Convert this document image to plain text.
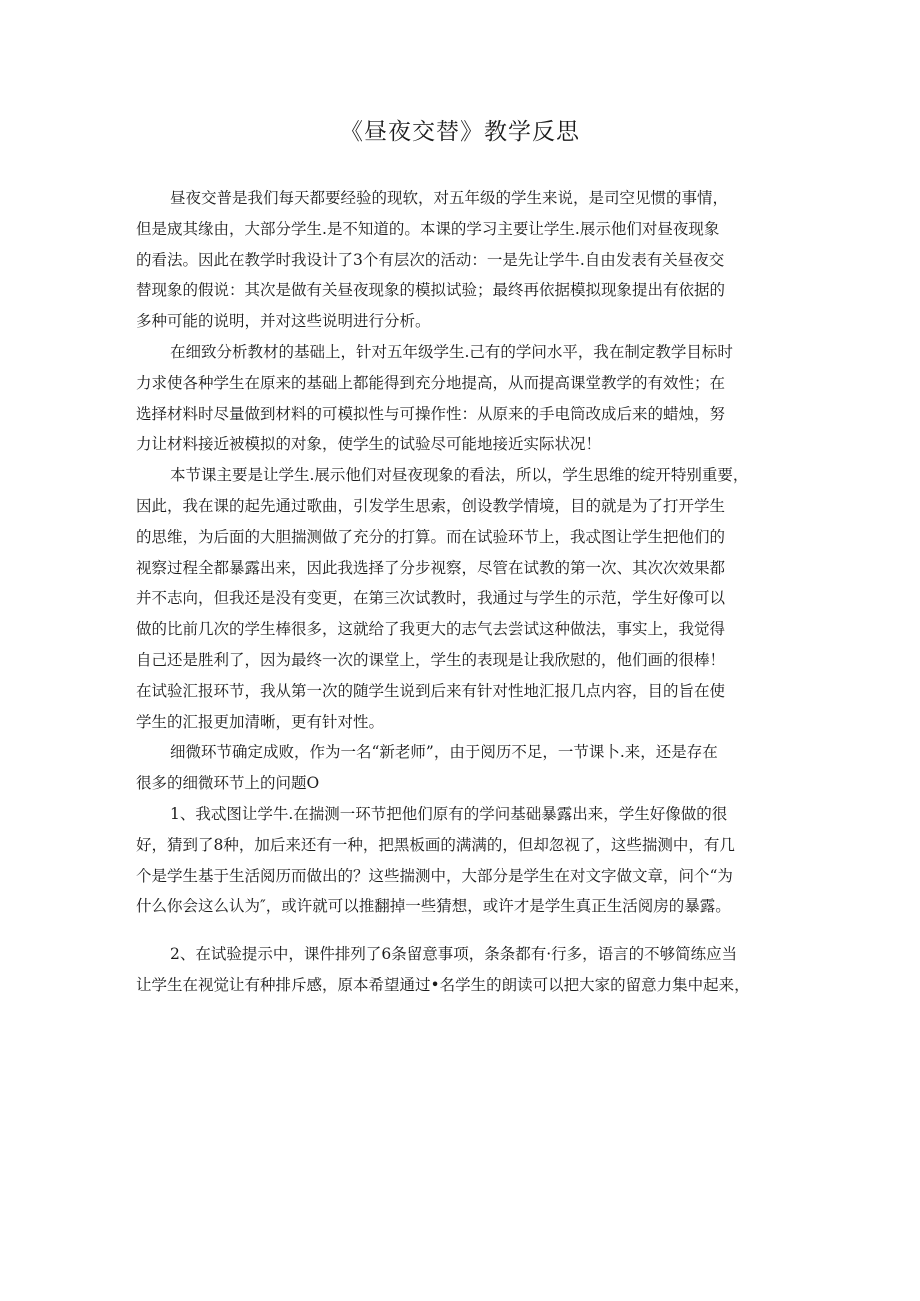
《昼夜交替》教学反思
昼夜交普是我们每天都要经验的现软，对五年级的学生来说，是司空见惯的事情，
但是宬其缘由，大部分学生.是不知道的。本课的学习主要让学生.展示他们对昼夜现象
的看法。因此在教学时我设计了3个有层次的活动：一是先让学牛.自由发表有关昼夜交
替现象的假说：其次是做有关昼夜现象的模拟试验；最终再依据模拟现象提出有依据的
多种可能的说明，并对这些说明进行分析。
在细致分析教材的基础上，针对五年级学生.己有的学问水平，我在制定教学目标时
力求使各种学生在原来的基础上都能得到充分地提高，从而提高课堂教学的有效性；在
选择材料时尽量做到材料的可模拟性与可操作性：从原来的手电筒改成后来的蜡烛，努
力让材料接近被模拟的对象，使学生的试验尽可能地接近实际状况！
本节课主要是让学生.展示他们对昼夜现象的看法，所以，学生思维的绽开特别重要，
因此，我在课的起先通过歌曲，引发学生思索，创设教学情境，目的就是为了打开学生
的思维，为后面的大胆揣测做了充分的打算。而在试验环节上，我忒图让学生把他们的
视察过程全都暴露出来，因此我选择了分步视察，尽管在试教的第一次、其次次效果都
并不志向，但我还是没有变更，在第三次试教时，我通过与学生的示范，学生好像可以
做的比前几次的学生棒很多，这就给了我更大的志气去尝试这种做法，事实上，我觉得
自己还是胜利了，因为最终一次的课堂上，学生的表现是让我欣慰的，他们画的很棒！
在试验汇报环节，我从第一次的随学生说到后来有针对性地汇报几点内容，目的旨在使
学生的汇报更加清晰，更有针对性。
细微环节确定成败，作为一名“新老师”，由于阅历不足，一节课卜.来，还是存在
很多的细微环节上的问题O
1、我忒图让学牛.在揣测一环节把他们原有的学问基础暴露出来，学生好像做的很
好，猜到了8种，加后来还有一种，把黑板画的满满的，但却忽视了，这些揣测中，有几
个是学生基于生活阅历而做出的？这些揣测中，大部分是学生在对文字做文章，问个“为
什么你会这么认为″，或许就可以推翻掉一些猜想，或许才是学生真正生活阅房的暴露。
2、在试验提示中，课件排列了6条留意事项，条条都有·行多，语言的不够简练应当
让学生在视觉让有种排斥感，原本希望通过•名学生的朗读可以把大家的留意力集中起来，
